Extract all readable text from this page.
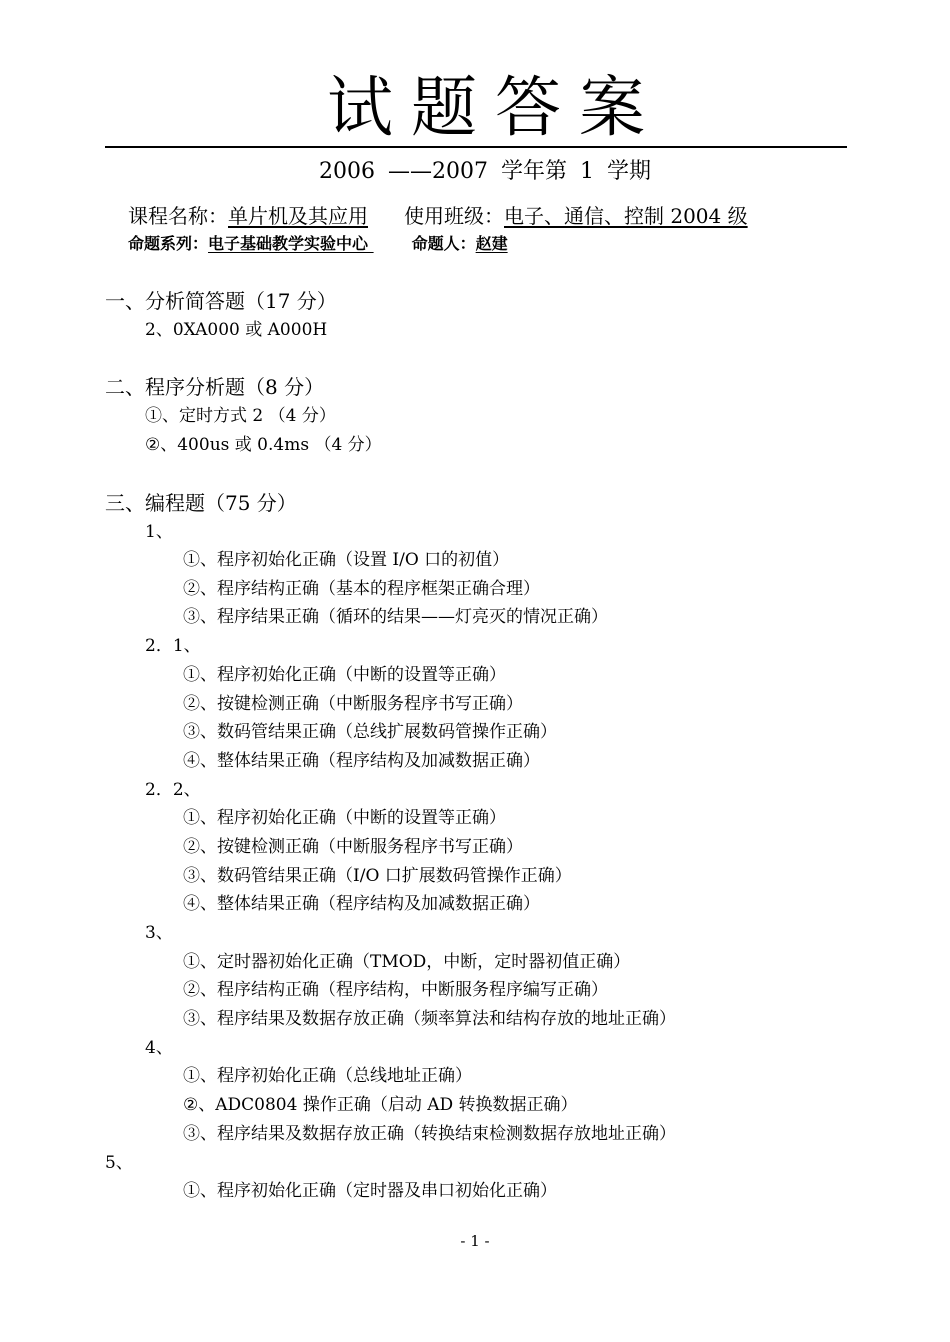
试题答案
2006 ——2007 学年第 1 学期
课程名称：单片机及其应用 使用班级：电子、通信、控制 2004 级
命题系列：电子基础教学实验中心 命题人：赵建
一、分析简答题（17 分）
2、0XA000 或 A000H
二、程序分析题（8 分）
①、定时方式 2 （4 分）
②、400us 或 0.4ms （4 分）
三、编程题（75 分）
1、
①、程序初始化正确（设置 I/O 口的初值）
②、程序结构正确（基本的程序框架正确合理）
③、程序结果正确（循环的结果——灯亮灭的情况正确）
2．1、
①、程序初始化正确（中断的设置等正确）
②、按键检测正确（中断服务程序书写正确）
③、数码管结果正确（总线扩展数码管操作正确）
④、整体结果正确（程序结构及加减数据正确）
2．2、
①、程序初始化正确（中断的设置等正确）
②、按键检测正确（中断服务程序书写正确）
③、数码管结果正确（I/O 口扩展数码管操作正确）
④、整体结果正确（程序结构及加减数据正确）
3、
①、定时器初始化正确（TMOD，中断，定时器初值正确）
②、程序结构正确（程序结构，中断服务程序编写正确）
③、程序结果及数据存放正确（频率算法和结构存放的地址正确）
4、
①、程序初始化正确（总线地址正确）
②、ADC0804 操作正确（启动 AD 转换数据正确）
③、程序结果及数据存放正确（转换结束检测数据存放地址正确）
5、
①、程序初始化正确（定时器及串口初始化正确）
- 1 -
